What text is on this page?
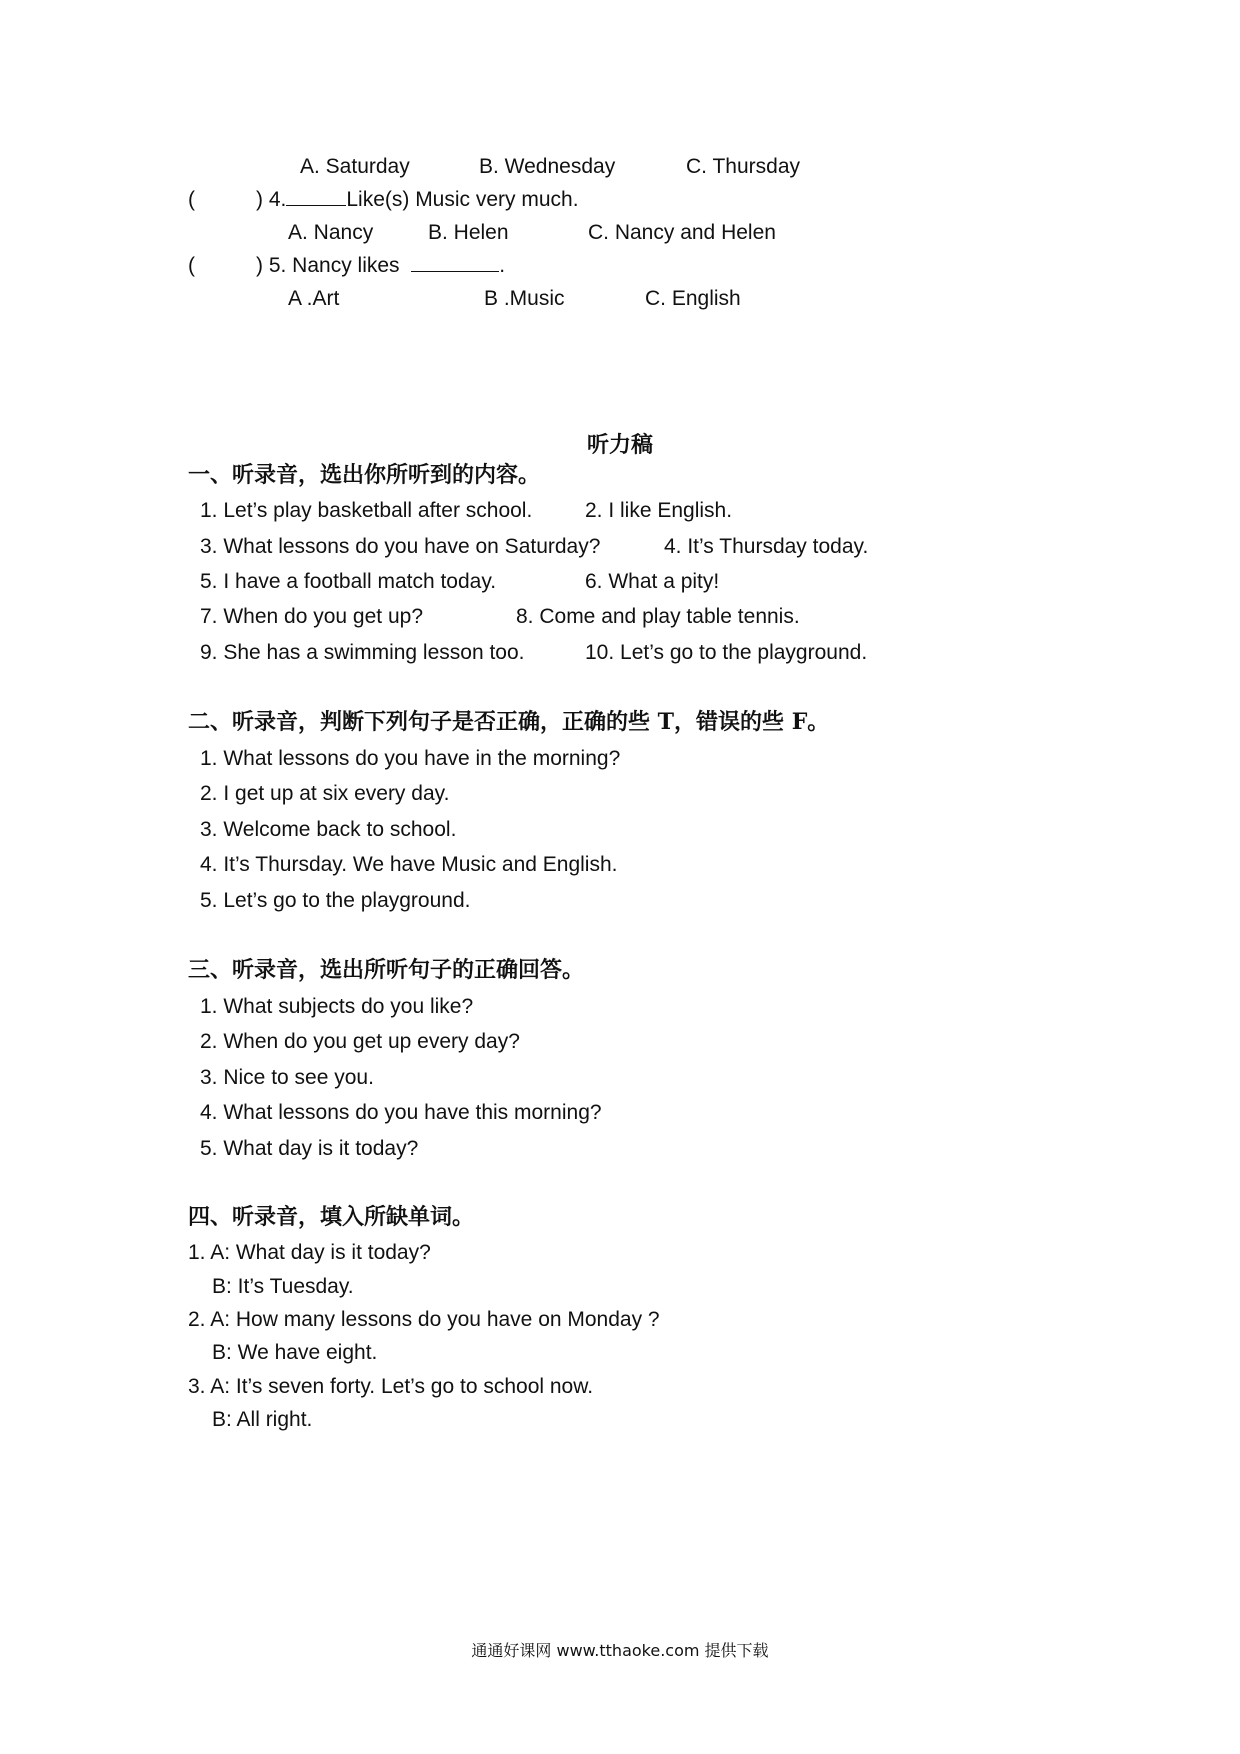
A. Saturday	B. Wednesday	C. Thursday
(	) 4.	Like(s) Music very much.
A. Nancy	B. Helen	C. Nancy and Helen
(	) 5. Nancy likes	.
A .Art	B .Music	C. English
听力稿
一、听录音，选出你所听到的内容。
1. Let’s play basketball after school.	2. I like English.
3. What lessons do you have on Saturday?	4. It’s Thursday today.
5. I have a football match today.	6. What a pity!
7. When do you get up?	8. Come and play table tennis.
9. She has a swimming lesson too.	10. Let’s go to the playground.
二、听录音，判断下列句子是否正确，正确的些 T，错误的些 F。
1. What lessons do you have in the morning?
2. I get up at six every day.
3. Welcome back to school.
4. It’s Thursday. We have Music and English.
5. Let’s go to the playground.
三、听录音，选出所听句子的正确回答。
1. What subjects do you like?
2. When do you get up every day?
3. Nice to see you.
4. What lessons do you have this morning?
5. What day is it today?
四、听录音，填入所缺单词。
1. A: What day is it today?
B: It’s Tuesday.
2. A: How many lessons do you have on Monday ?
B: We have eight.
3. A: It’s seven forty. Let’s go to school now.
B: All right.
通通好课网 www.tthaoke.com 提供下载
